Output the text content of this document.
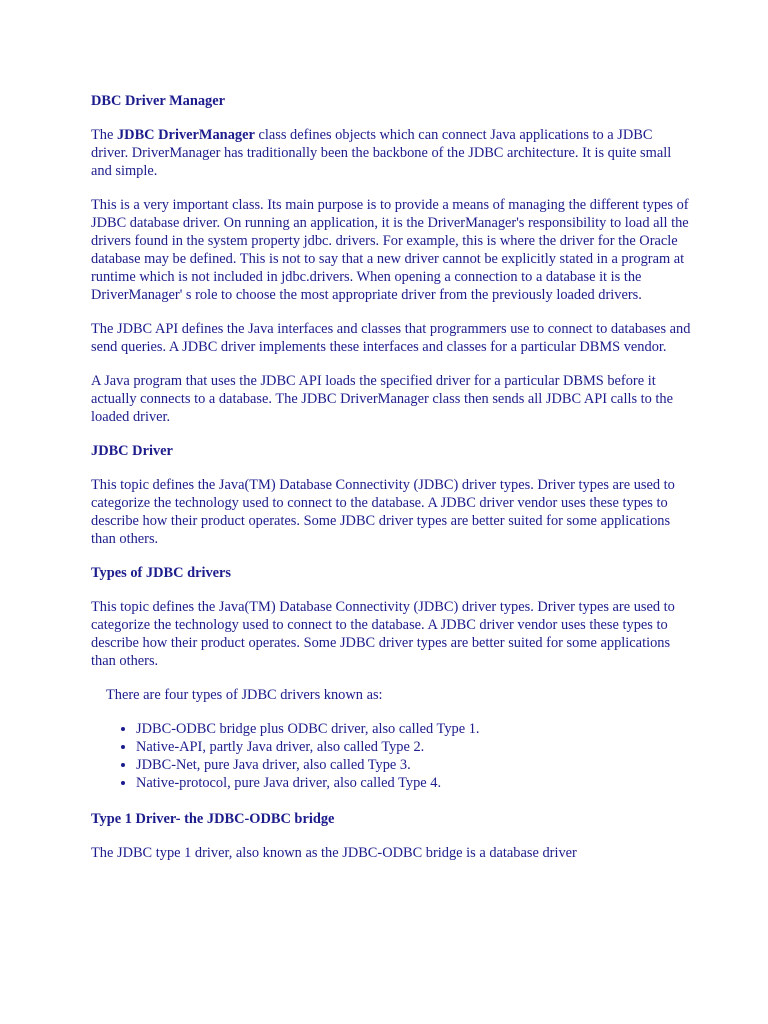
DBC Driver Manager

The JDBC DriverManager class defines objects which can connect Java applications to a JDBC driver. DriverManager has traditionally been the backbone of the JDBC architecture. It is quite small and simple.

This is a very important class. Its main purpose is to provide a means of managing the different types of JDBC database driver. On running an application, it is the DriverManager's responsibility to load all the drivers found in the system property jdbc. drivers. For example, this is where the driver for the Oracle database may be defined. This is not to say that a new driver cannot be explicitly stated in a program at runtime which is not included in jdbc.drivers. When opening a connection to a database it is the DriverManager' s role to choose the most appropriate driver from the previously loaded drivers.

The JDBC API defines the Java interfaces and classes that programmers use to connect to databases and send queries. A JDBC driver implements these interfaces and classes for a particular DBMS vendor.

A Java program that uses the JDBC API loads the specified driver for a particular DBMS before it actually connects to a database. The JDBC DriverManager class then sends all JDBC API calls to the loaded driver.

JDBC Driver

This topic defines the Java(TM) Database Connectivity (JDBC) driver types. Driver types are used to categorize the technology used to connect to the database. A JDBC driver vendor uses these types to describe how their product operates. Some JDBC driver types are better suited for some applications than others.

Types of JDBC drivers

This topic defines the Java(TM) Database Connectivity (JDBC) driver types. Driver types are used to categorize the technology used to connect to the database. A JDBC driver vendor uses these types to describe how their product operates. Some JDBC driver types are better suited for some applications than others.

There are four types of JDBC drivers known as:

• JDBC-ODBC bridge plus ODBC driver, also called Type 1.
• Native-API, partly Java driver, also called Type 2.
• JDBC-Net, pure Java driver, also called Type 3.
• Native-protocol, pure Java driver, also called Type 4.
Type 1 Driver- the JDBC-ODBC bridge

The JDBC type 1 driver, also known as the JDBC-ODBC bridge is a database driver
